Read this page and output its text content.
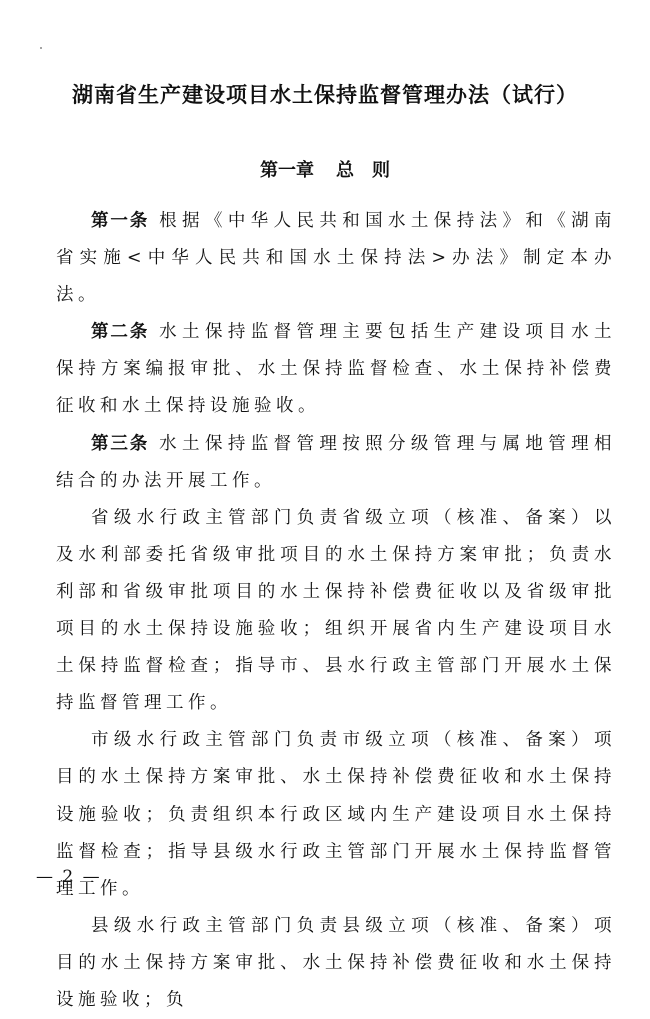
湖南省生产建设项目水土保持监督管理办法（试行）
第一章 总　则

第一条 根据《中华人民共和国水土保持法》和《湖南省实施<中华人民共和国水土保持法>办法》制定本办法。

第二条 水土保持监督管理主要包括生产建设项目水土保持方案编报审批、水土保持监督检查、水土保持补偿费征收和水土保持设施验收。

第三条 水土保持监督管理按照分级管理与属地管理相结合的办法开展工作。

省级水行政主管部门负责省级立项（核准、备案）以及水利部委托省级审批项目的水土保持方案审批；负责水利部和省级审批项目的水土保持补偿费征收以及省级审批项目的水土保持设施验收；组织开展省内生产建设项目水土保持监督检查；指导市、县水行政主管部门开展水土保持监督管理工作。

市级水行政主管部门负责市级立项（核准、备案）项目的水土保持方案审批、水土保持补偿费征收和水土保持设施验收；负责组织本行政区域内生产建设项目水土保持监督检查；指导县级水行政主管部门开展水土保持监督管理工作。

县级水行政主管部门负责县级立项（核准、备案）项目的水土保持方案审批、水土保持补偿费征收和水土保持设施验收；负

— 2 —
